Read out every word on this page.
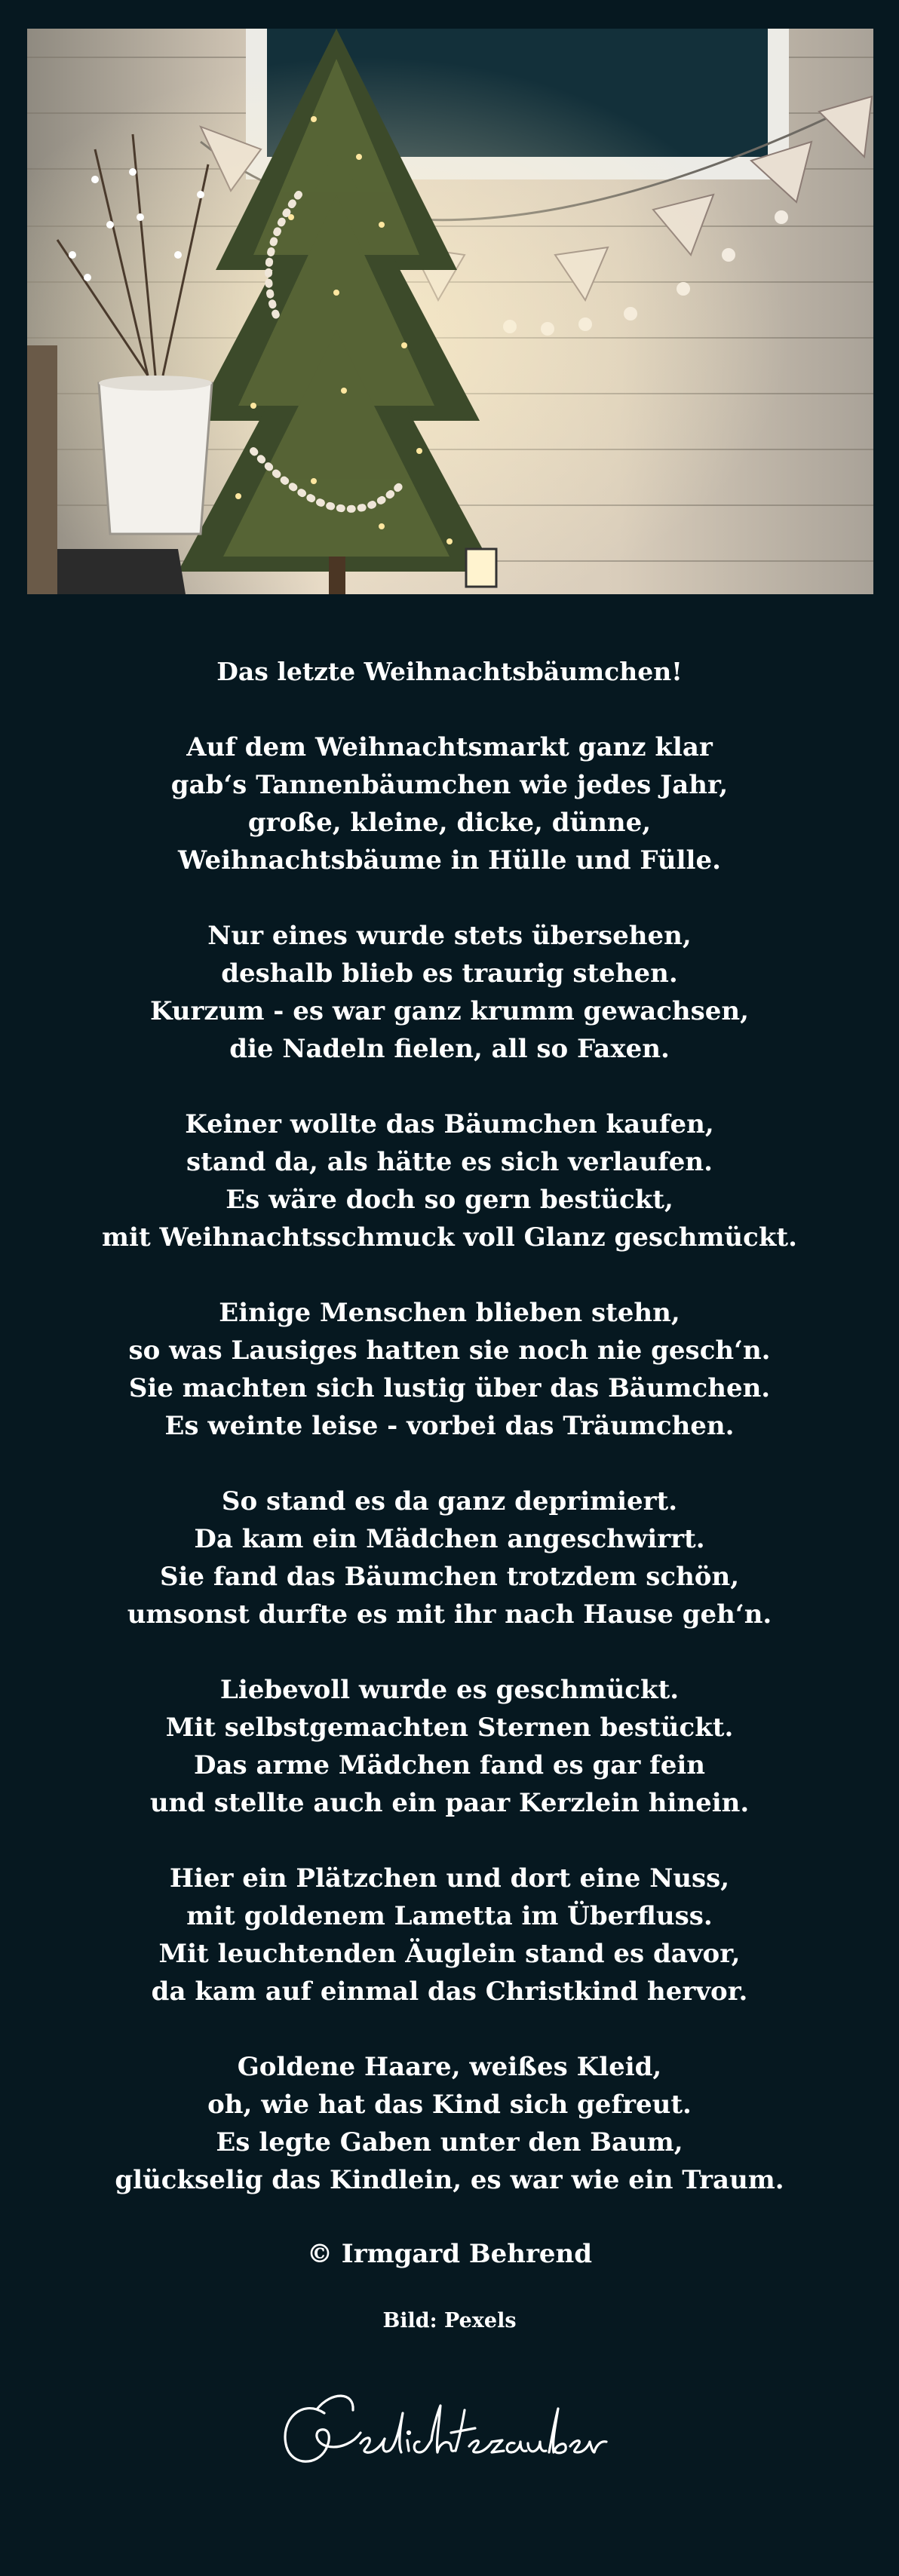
Das letzte Weihnachtsbäumchen!
Auf dem Weihnachtsmarkt ganz klar
gab‘s Tannenbäumchen wie jedes Jahr,
große, kleine, dicke, dünne,
Weihnachtsbäume in Hülle und Fülle.
Nur eines wurde stets übersehen,
deshalb blieb es traurig stehen.
Kurzum - es war ganz krumm gewachsen,
die Nadeln fielen, all so Faxen.
Keiner wollte das Bäumchen kaufen,
stand da, als hätte es sich verlaufen.
Es wäre doch so gern bestückt,
mit Weihnachtsschmuck voll Glanz geschmückt.
Einige Menschen blieben stehn,
so was Lausiges hatten sie noch nie gesch‘n.
Sie machten sich lustig über das Bäumchen.
Es weinte leise - vorbei das Träumchen.
So stand es da ganz deprimiert.
Da kam ein Mädchen angeschwirrt.
Sie fand das Bäumchen trotzdem schön,
umsonst durfte es mit ihr nach Hause geh‘n.
Liebevoll wurde es geschmückt.
Mit selbstgemachten Sternen bestückt.
Das arme Mädchen fand es gar fein
und stellte auch ein paar Kerzlein hinein.
Hier ein Plätzchen und dort eine Nuss,
mit goldenem Lametta im Überfluss.
Mit leuchtenden Äuglein stand es davor,
da kam auf einmal das Christkind hervor.
Goldene Haare, weißes Kleid,
oh, wie hat das Kind sich gefreut.
Es legte Gaben unter den Baum,
glückselig das Kindlein, es war wie ein Traum.
© Irmgard Behrend
Bild: Pexels
